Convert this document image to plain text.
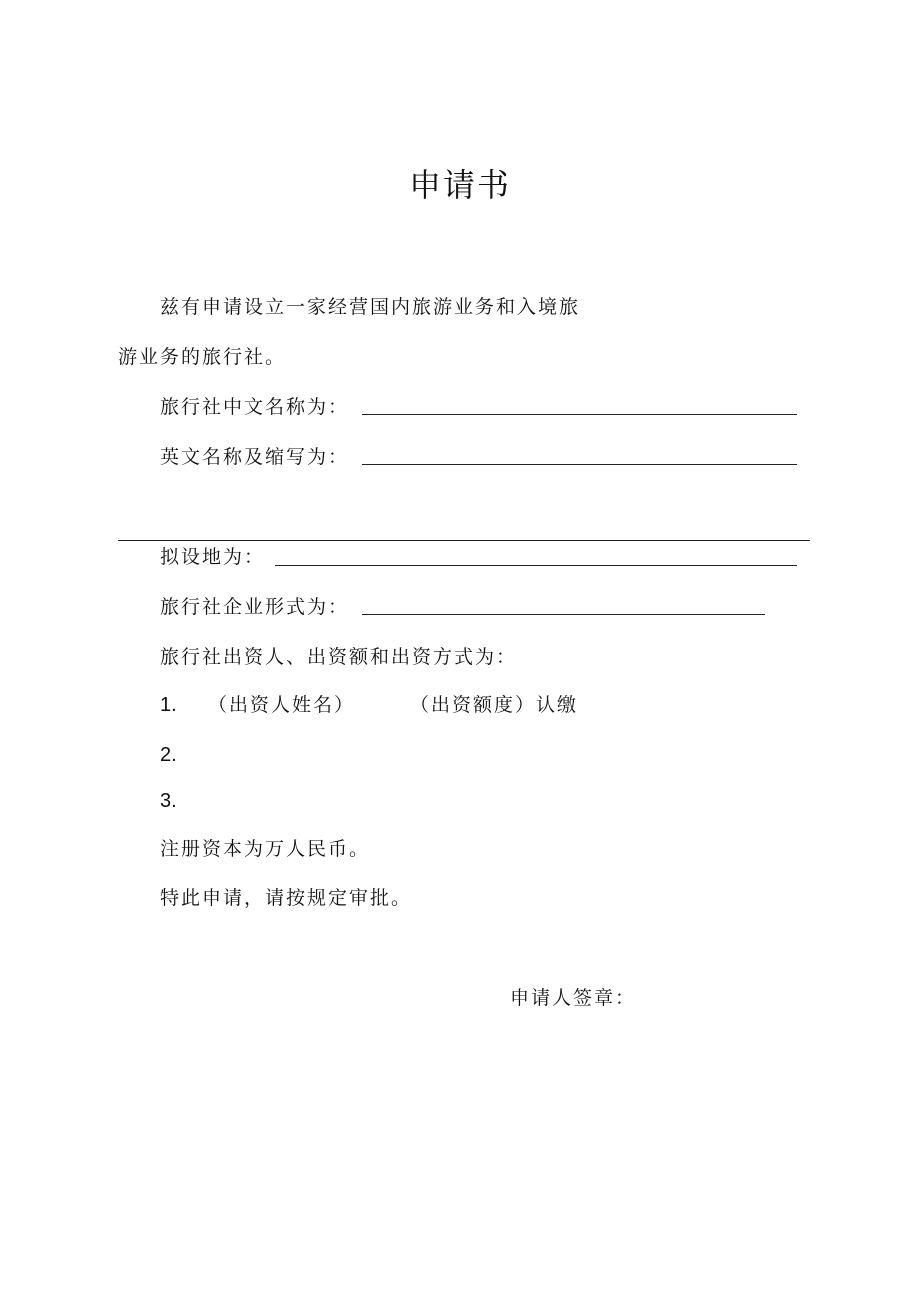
申请书
兹有申请设立一家经营国内旅游业务和入境旅
游业务的旅行社。
旅行社中文名称为：
英文名称及缩写为：
拟设地为：
旅行社企业形式为：
旅行社出资人、出资额和出资方式为：
1. （出资人姓名）	（出资额度）认缴
2.
3.
注册资本为万人民币。
特此申请，请按规定审批。
申请人签章：
